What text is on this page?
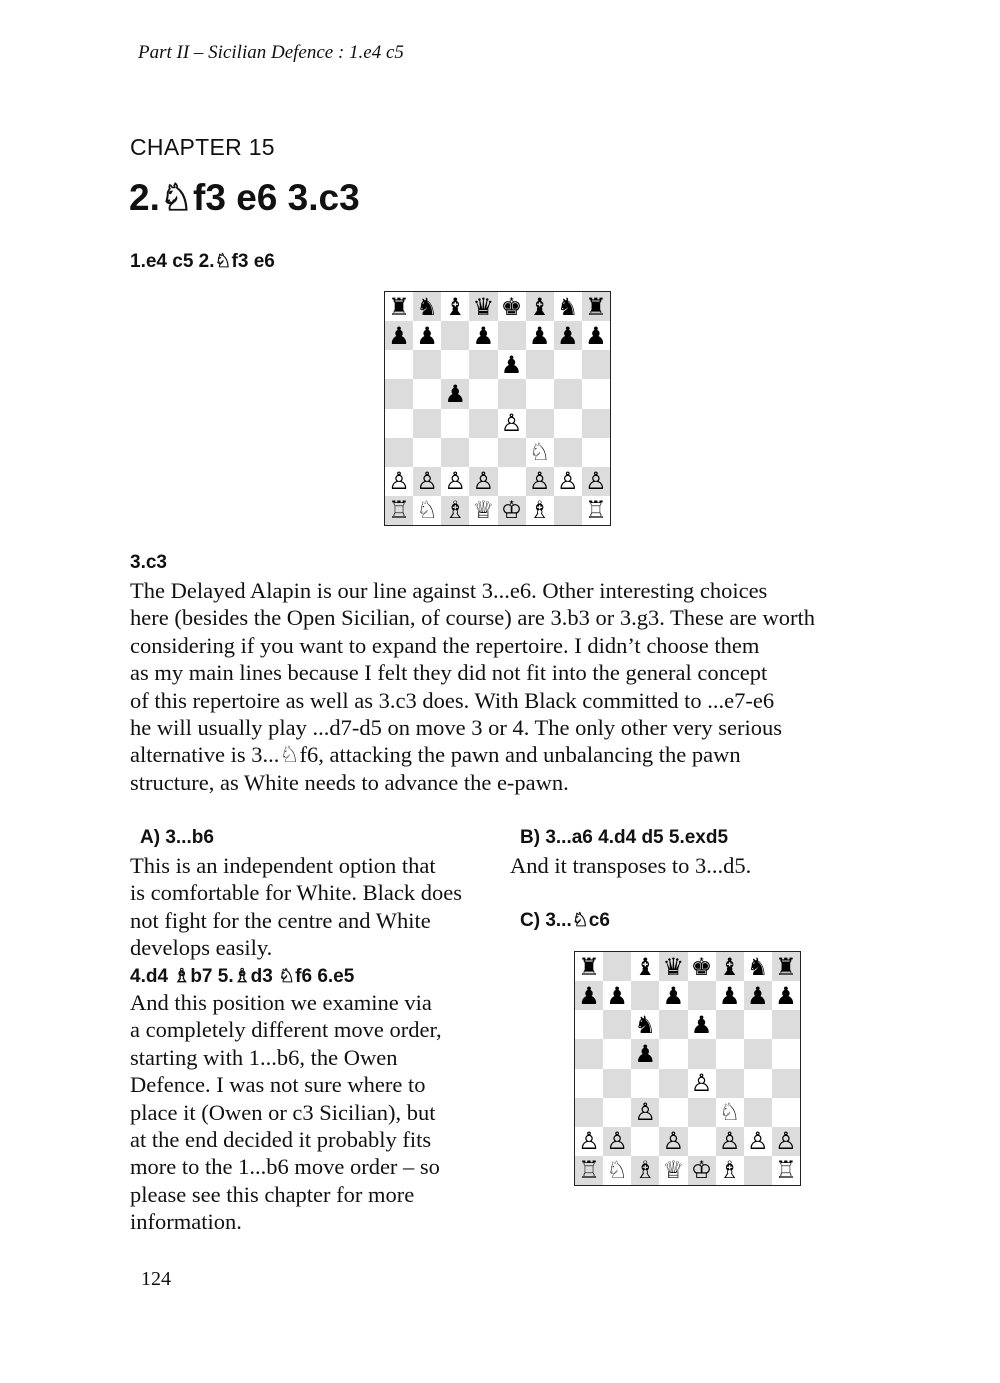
Part II – Sicilian Defence : 1.e4 c5
CHAPTER 15
2.♘f3 e6 3.c3
1.e4 c5 2.♘f3 e6
♜ ♞ ♝ ♛ ♚ ♝ ♞ ♜
♟ ♟ ♟ ♟ ♟ ♟
♟
♟
♙
♘
♙ ♙ ♙ ♙ ♙ ♙ ♙
♖ ♘ ♗ ♕ ♔ ♗ ♖
3.c3

The Delayed Alapin is our line against 3...e6. Other interesting choices
here (besides the Open Sicilian, of course) are 3.b3 or 3.g3. These are worth
considering if you want to expand the repertoire. I didn’t choose them
as my main lines because I felt they did not fit into the general concept
of this repertoire as well as 3.c3 does. With Black committed to ...e7-e6
he will usually play ...d7-d5 on move 3 or 4. The only other very serious
alternative is 3...♘f6, attacking the pawn and unbalancing the pawn
structure, as White needs to advance the e-pawn.

A) 3...b6

This is an independent option that
is comfortable for White. Black does
not fight for the centre and White
develops easily.

4.d4 ♗b7 5.♗d3 ♘f6 6.e5

And this position we examine via
a completely different move order,
starting with 1...b6, the Owen
Defence. I was not sure where to
place it (Owen or c3 Sicilian), but
at the end decided it probably fits
more to the 1...b6 move order – so
please see this chapter for more
information.

B) 3...a6 4.d4 d5 5.exd5

And it transposes to 3...d5.

C) 3...♘c6
♜ ♝ ♛ ♚ ♝ ♞ ♜
♟ ♟ ♟ ♟ ♟ ♟
♞ ♟
♟
♙
♙	♘
♙ ♙ ♙ ♙ ♙ ♙
♖ ♘ ♗ ♕ ♔ ♗ ♖
124
